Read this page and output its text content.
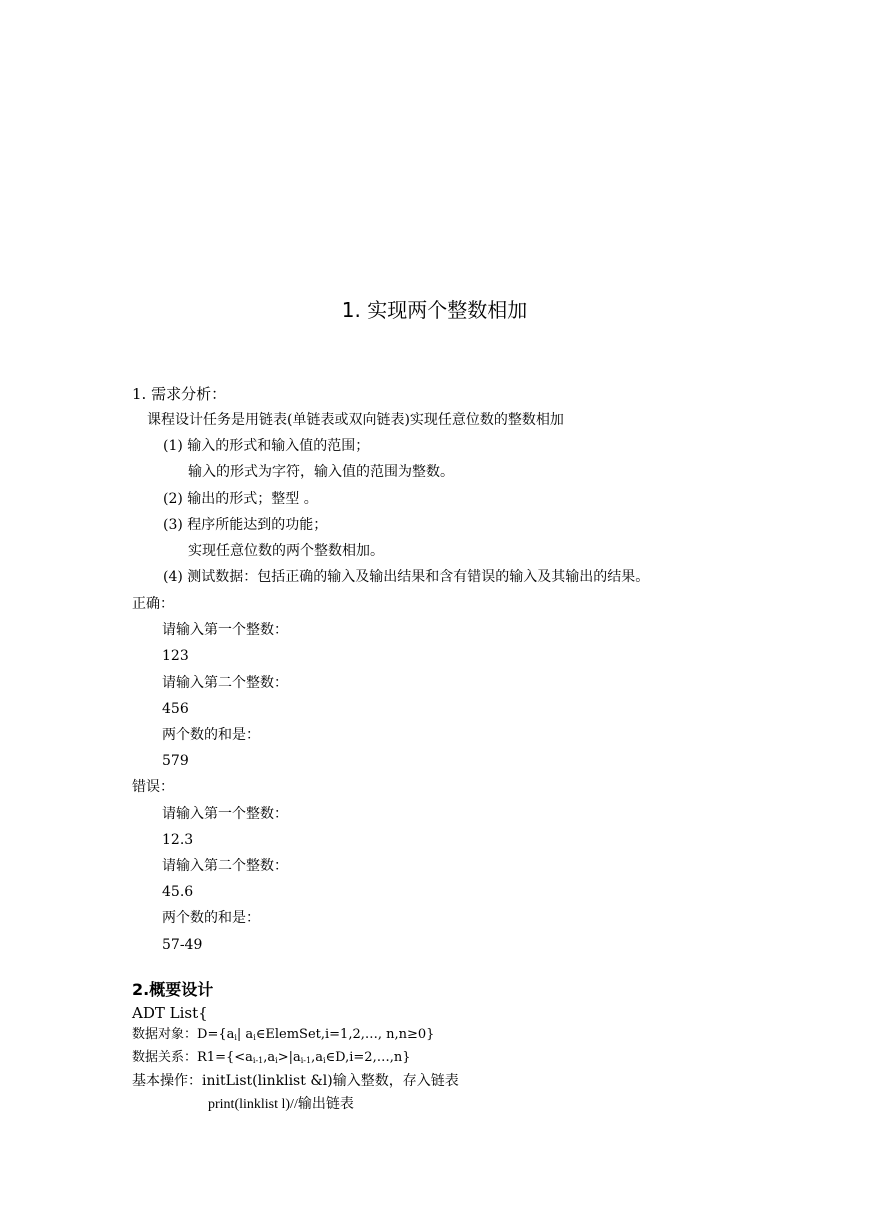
1. 实现两个整数相加
1. 需求分析：
课程设计任务是用链表(单链表或双向链表)实现任意位数的整数相加
(1) 输入的形式和输入值的范围；
输入的形式为字符，输入值的范围为整数。
(2) 输出的形式；整型 。
(3) 程序所能达到的功能；
实现任意位数的两个整数相加。
(4) 测试数据：包括正确的输入及输出结果和含有错误的输入及其输出的结果。
正确：
请输入第一个整数：
123
请输入第二个整数：
456
两个数的和是：
579
错误：
请输入第一个整数：
12.3
请输入第二个整数：
45.6
两个数的和是：
57-49
2.概要设计
ADT List{
数据对象：$D=\{a_i|$ $a_i\in ElemSet,i=1,2,\dots$, n,n≥0}
数据关系：$R1=\{<a_{i-1},a_i>|a_{i-1},a_i\in D,i=2,\dots,n\}$
基本操作：initList(linklist &l)输入整数，存入链表
print(linklist l)//输出链表
